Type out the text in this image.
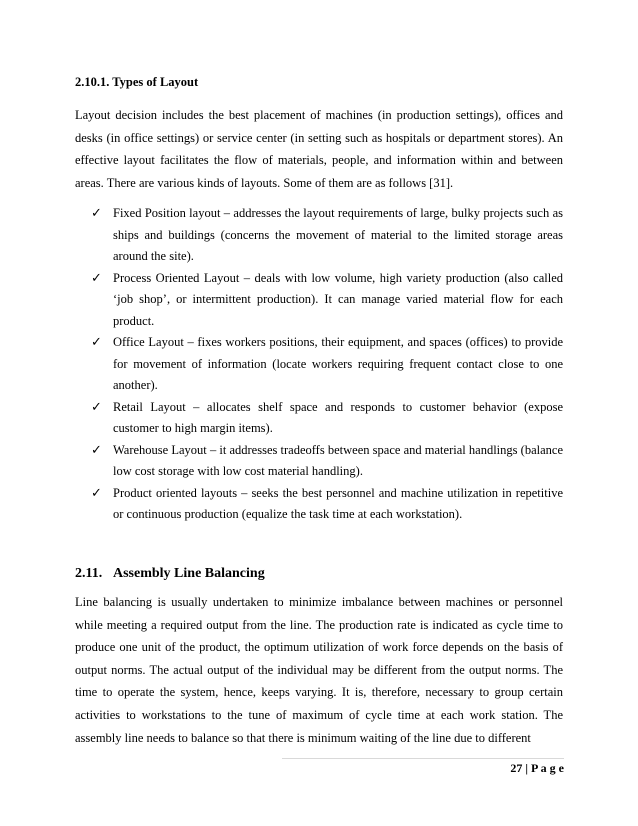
2.10.1. Types of Layout

Layout decision includes the best placement of machines (in production settings), offices and desks (in office settings) or service center (in setting such as hospitals or department stores). An effective layout facilitates the flow of materials, people, and information within and between areas. There are various kinds of layouts. Some of them are as follows [31].

✓ Fixed Position layout – addresses the layout requirements of large, bulky projects such as ships and buildings (concerns the movement of material to the limited storage areas around the site).
✓ Process Oriented Layout – deals with low volume, high variety production (also called ‘job shop’, or intermittent production). It can manage varied material flow for each product.
✓ Office Layout – fixes workers positions, their equipment, and spaces (offices) to provide for movement of information (locate workers requiring frequent contact close to one another).
✓ Retail Layout – allocates shelf space and responds to customer behavior (expose customer to high margin items).
✓ Warehouse Layout – it addresses tradeoffs between space and material handlings (balance low cost storage with low cost material handling).
✓ Product oriented layouts – seeks the best personnel and machine utilization in repetitive or continuous production (equalize the task time at each workstation).
2.11. Assembly Line Balancing

Line balancing is usually undertaken to minimize imbalance between machines or personnel while meeting a required output from the line. The production rate is indicated as cycle time to produce one unit of the product, the optimum utilization of work force depends on the basis of output norms. The actual output of the individual may be different from the output norms. The time to operate the system, hence, keeps varying. It is, therefore, necessary to group certain activities to workstations to the tune of maximum of cycle time at each work station. The assembly line needs to balance so that there is minimum waiting of the line due to different

27 | P a g e
